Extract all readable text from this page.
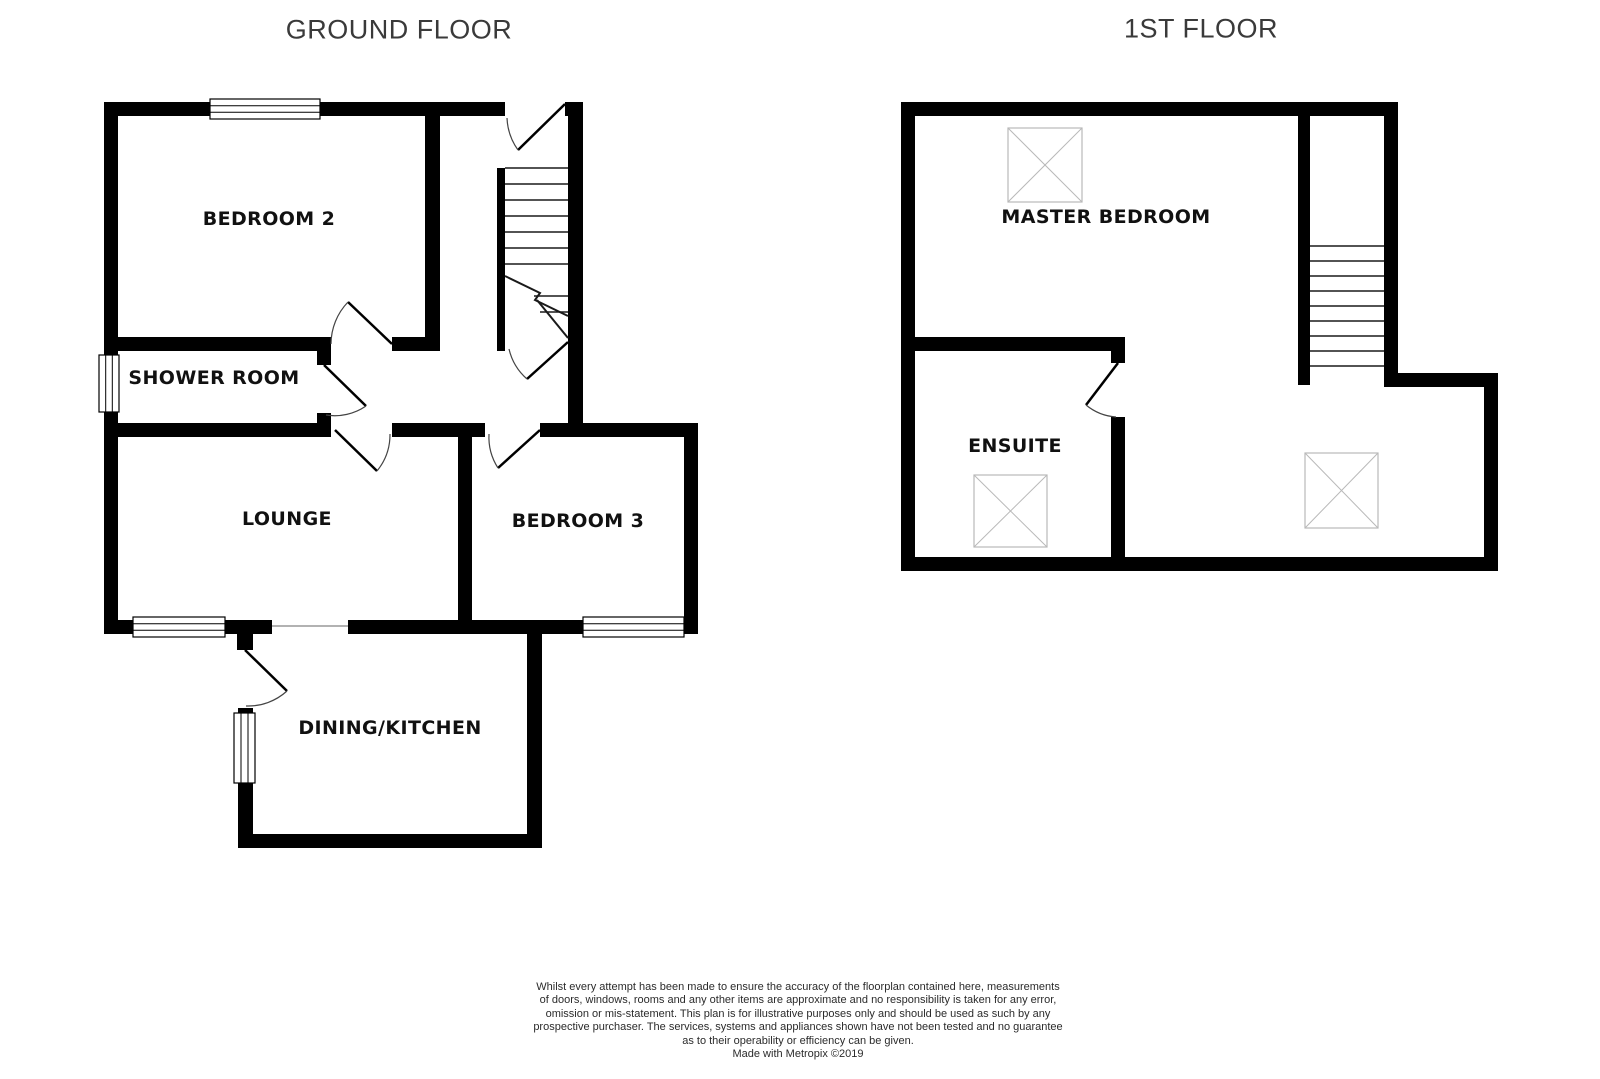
GROUND FLOOR	1ST FLOOR
BEDROOM 2
SHOWER ROOM
LOUNGE	BEDROOM 3
DINING/KITCHEN
MASTER BEDROOM
ENSUITE
Whilst every attempt has been made to ensure the accuracy of the floorplan contained here, measurements
of doors, windows, rooms and any other items are approximate and no responsibility is taken for any error,
omission or mis-statement. This plan is for illustrative purposes only and should be used as such by any
prospective purchaser. The services, systems and appliances shown have not been tested and no guarantee
as to their operability or efficiency can be given.
Made with Metropix ©2019
